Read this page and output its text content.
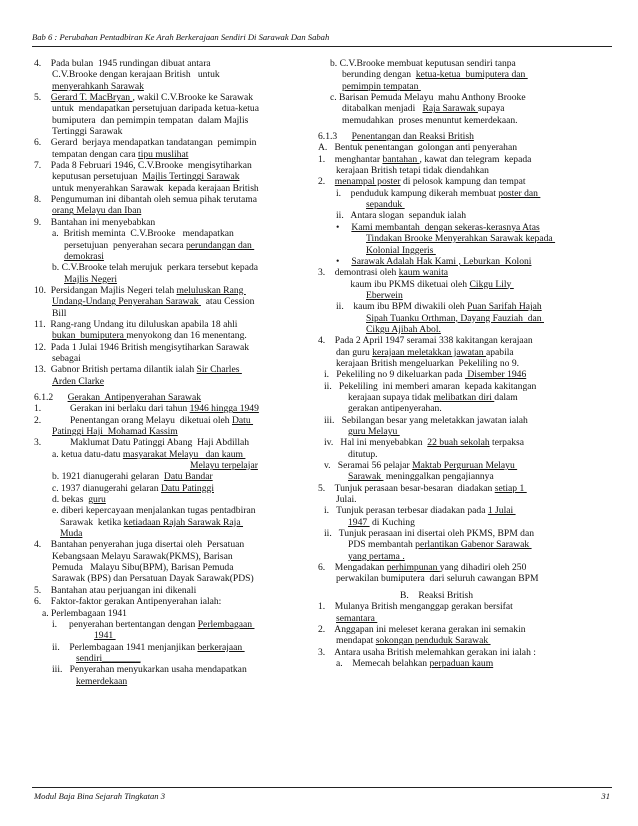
Bab 6 : Perubahan Pentadbiran Ke Arah Berkerajaan Sendiri Di Sarawak Dan Sabah
4.    Pada bulan  1945 rundingan dibuat antara
C.V.Brooke dengan kerajaan British   untuk
menyerahkanh Sarawak
5.    Gerard T. MacBryan , wakil C.V.Brooke ke Sarawak
untuk  mendapatkan persetujuan daripada ketua-ketua
bumiputera  dan pemimpin tempatan  dalam Majlis
Tertinggi Sarawak
6.    Gerard  berjaya mendapatkan tandatangan  pemimpin
tempatan dengan cara tipu muslihat
7.    Pada 8 Februari 1946, C.V.Brooke  mengisytiharkan
keputusan persetujuan  Majlis Tertinggi Sarawak
untuk menyerahkan Sarawak  kepada kerajaan British
8.    Pengumuman ini dibantah oleh semua pihak terutama
orang Melayu dan Iban
9.    Bantahan ini menyebabkan
a.  British meminta  C.V.Brooke   mendapatkan
persetujuan  penyerahan secara perundangan dan
demokrasi
b. C.V.Brooke telah merujuk  perkara tersebut kepada
Majlis Negeri
10.  Persidangan Majlis Negeri telah meluluskan Rang
Undang-Undang Penyerahan Sarawak   atau Cession
Bill
11.  Rang-rang Undang itu diluluskan apabila 18 ahli
bukan  bumiputera menyokong dan 16 menentang.
12.  Pada 1 Julai 1946 British mengisytiharkan Sarawak
sebagai
13.  Gabnor British pertama dilantik ialah Sir Charles
Arden Clarke
6.1.2      Gerakan  Antipenyerahan Sarawak
1.            Gerakan ini berlaku dari tahun 1946 hingga 1949
2.            Penentangan orang Melayu  diketuai oleh Datu
Patinggi Haji  Mohamad Kassim
3.            Maklumat Datu Patinggi Abang  Haji Abdillah
a. ketua datu-datu masyarakat Melayu   dan kaum
Melayu terpelajar
b. 1921 dianugerahi gelaran  Datu Bandar
c. 1937 dianugerahi gelaran Datu Patinggi
d. bekas  guru
e. diberi kepercayaan menjalankan tugas pentadbiran
Sarawak  ketika ketiadaan Rajah Sarawak Raja
Muda
4.    Bantahan penyerahan juga disertai oleh  Persatuan
Kebangsaan Melayu Sarawak(PKMS), Barisan
Pemuda   Malayu Sibu(BPM), Barisan Pemuda
Sarawak (BPS) dan Persatuan Dayak Sarawak(PDS)
5.    Bantahan atau perjuangan ini dikenali
6.    Faktor-faktor gerakan Antipenyerahan ialah:
a. Perlembagaan 1941
i.     penyerahan bertentangan dengan Perlembagaan
1941
ii.    Perlembagaan 1941 menjanjikan berkerajaan
sendiri________
iii.   Penyerahan menyukarkan usaha mendapatkan
kemerdekaan
b. C.V.Brooke membuat keputusan sendiri tanpa
berunding dengan  ketua-ketua  bumiputera dan
pemimpin tempatan
c. Barisan Pemuda Melayu  mahu Anthony Brooke
ditabalkan menjadi   Raja Sarawak supaya
memudahkan  proses menuntut kemerdekaan.
6.1.3      Penentangan dan Reaksi British
A.   Bentuk penentangan  golongan anti penyerahan
1.    menghantar bantahan , kawat dan telegram  kepada
kerajaan British tetapi tidak diendahkan
2.    menampal poster di pelosok kampung dan tempat
i.    penduduk kampung dikerah membuat poster dan
sepanduk
ii.   Antara slogan  sepanduk ialah
•     Kami membantah  dengan sekeras-kerasnya Atas
Tindakan Brooke Menyerahkan Sarawak kepada
Kolonial Inggeris
•     Sarawak Adalah Hak Kami , Leburkan  Koloni
3.    demontrasi oleh kaum wanita
kaum ibu PKMS diketuai oleh Cikgu Lily
Eberwein
ii.    kaum ibu BPM diwakili oleh Puan Sarifah Hajah
Sipah Tuanku Orthman, Dayang Fauziah  dan
Cikgu Ajibah Abol.
4.    Pada 2 April 1947 seramai 338 kakitangan kerajaan
dan guru kerajaan meletakkan jawatan apabila
kerajaan British mengeluarkan  Pekeliling no 9.
i.   Pekeliling no 9 dikeluarkan pada  Disember 1946
ii.   Pekeliling  ini memberi amaran  kepada kakitangan
kerajaan supaya tidak melibatkan diri dalam
gerakan antipenyerahan.
iii.   Sebilangan besar yang meletakkan jawatan ialah
guru Melayu
iv.   Hal ini menyebabkan  22 buah sekolah terpaksa
ditutup.
v.   Seramai 56 pelajar Maktab Perguruan Melayu
Sarawak  meninggalkan pengajiannya
5.    Tunjuk perasaan besar-besaran  diadakan setiap 1
Julai.
i.   Tunjuk perasan terbesar diadakan pada 1 Julai
1947  di Kuching
ii.   Tunjuk perasaan ini disertai oleh PKMS, BPM dan
PDS membantah perlantikan Gabenor Sarawak
yang pertama .
6.    Mengadakan perhimpunan yang dihadiri oleh 250
perwakilan bumiputera  dari seluruh cawangan BPM
B.    Reaksi British
1.    Mulanya British menganggap gerakan bersifat
semantara
2.    Anggapan ini meleset kerana gerakan ini semakin
mendapat sokongan penduduk Sarawak
3.    Antara usaha British melemahkan gerakan ini ialah :
a.    Memecah belahkan perpaduan kaum
Modul Baja Bina Sejarah Tingkatan 3	31
